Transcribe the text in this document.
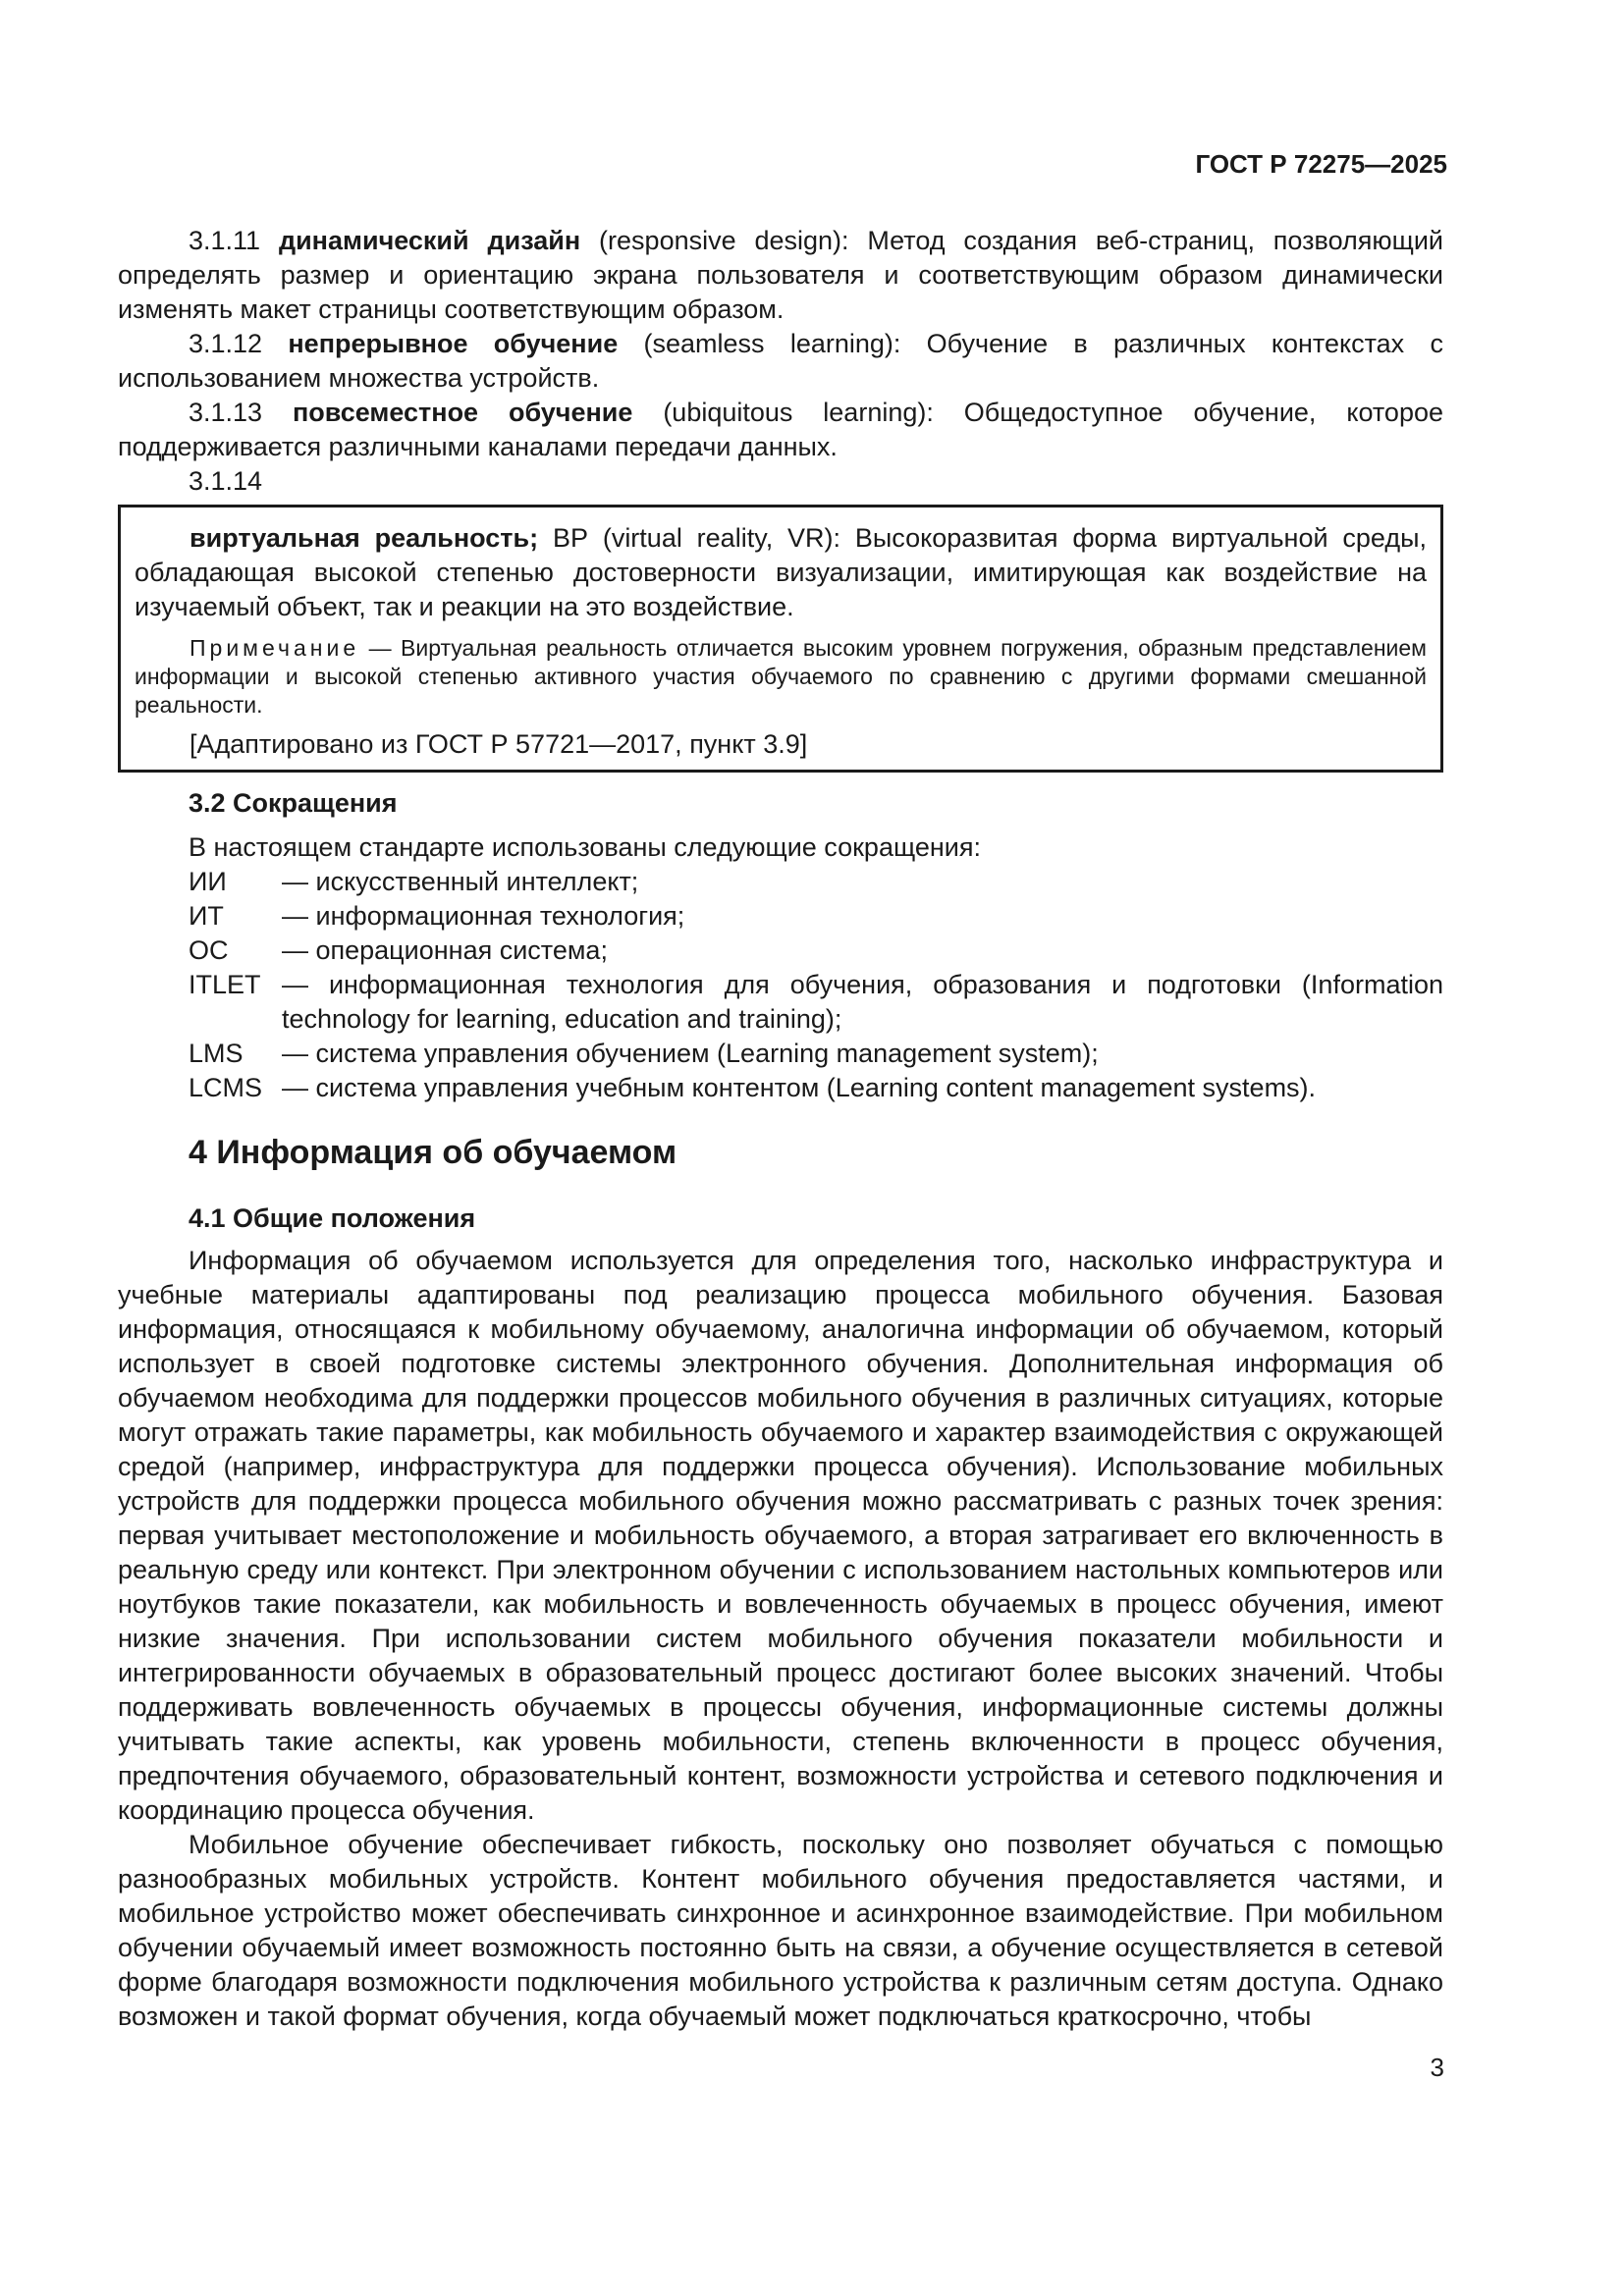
ГОСТ Р 72275—2025

3.1.11 динамический дизайн (responsive design): Метод создания веб-страниц, позволяющий определять размер и ориентацию экрана пользователя и соответствующим образом динамически изменять макет страницы соответствующим образом.

3.1.12 непрерывное обучение (seamless learning): Обучение в различных контекстах с использованием множества устройств.

3.1.13 повсеместное обучение (ubiquitous learning): Общедоступное обучение, которое поддерживается различными каналами передачи данных.

3.1.14

виртуальная реальность; ВР (virtual reality, VR): Высокоразвитая форма виртуальной среды, обладающая высокой степенью достоверности визуализации, имитирующая как воздействие на изучаемый объект, так и реакции на это воздействие.

Примечание — Виртуальная реальность отличается высоким уровнем погружения, образным представлением информации и высокой степенью активного участия обучаемого по сравнению с другими формами смешанной реальности.
[Адаптировано из ГОСТ Р 57721—2017, пункт 3.9]
3.2 Сокращения
В настоящем стандарте использованы следующие сокращения:
ИИ	— искусственный интеллект;
ИТ	— информационная технология;
ОС	— операционная система;
ITLET — информационная технология для обучения, образования и подготовки (Information technology for learning, education and training);
LMS	— система управления обучением (Learning management system);
LCMS — система управления учебным контентом (Learning content management systems).
4 Информация об обучаемом
4.1 Общие положения

Информация об обучаемом используется для определения того, насколько инфраструктура и учебные материалы адаптированы под реализацию процесса мобильного обучения. Базовая информация, относящаяся к мобильному обучаемому, аналогична информации об обучаемом, который использует в своей подготовке системы электронного обучения. Дополнительная информация об обучаемом необходима для поддержки процессов мобильного обучения в различных ситуациях, которые могут отражать такие параметры, как мобильность обучаемого и характер взаимодействия с окружающей средой (например, инфраструктура для поддержки процесса обучения). Использование мобильных устройств для поддержки процесса мобильного обучения можно рассматривать с разных точек зрения: первая учитывает местоположение и мобильность обучаемого, а вторая затрагивает его включенность в реальную среду или контекст. При электронном обучении с использованием настольных компьютеров или ноутбуков такие показатели, как мобильность и вовлеченность обучаемых в процесс обучения, имеют низкие значения. При использовании систем мобильного обучения показатели мобильности и интегрированности обучаемых в образовательный процесс достигают более высоких значений. Чтобы поддерживать вовлеченность обучаемых в процессы обучения, информационные системы должны учитывать такие аспекты, как уровень мобильности, степень включенности в процесс обучения, предпочтения обучаемого, образовательный контент, возможности устройства и сетевого подключения и координацию процесса обучения.

Мобильное обучение обеспечивает гибкость, поскольку оно позволяет обучаться с помощью разнообразных мобильных устройств. Контент мобильного обучения предоставляется частями, и мобильное устройство может обеспечивать синхронное и асинхронное взаимодействие. При мобильном обучении обучаемый имеет возможность постоянно быть на связи, а обучение осуществляется в сетевой форме благодаря возможности подключения мобильного устройства к различным сетям доступа. Однако возможен и такой формат обучения, когда обучаемый может подключаться краткосрочно, чтобы

3
